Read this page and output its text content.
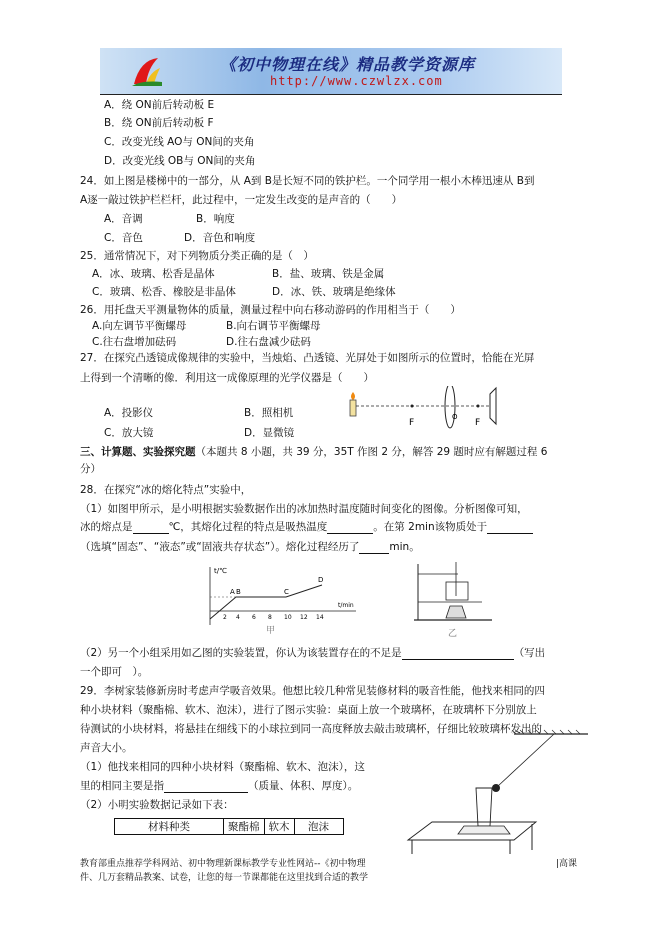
《初中物理在线》精品教学资源库
http://www.czwlzx.com
A．绕 ON前后转动板 E
B．绕 ON前后转动板 F
C．改变光线 AO与 ON间的夹角
D．改变光线 OB与 ON间的夹角
24．如上图是楼梯中的一部分，从 A到 B是长短不同的铁护栏。一个同学用一根小木棒迅速从 B到
A逐一敲过铁护栏栏杆，此过程中，一定发生改变的是声音的（　　）
A．音调	B．响度
C．音色	D．音色和响度
25．通常情况下，对下列物质分类正确的是（　）
A．冰、玻璃、松香是晶体	B．盐、玻璃、铁是金属
C．玻璃、松香、橡胶是非晶体	D．冰、铁、玻璃是绝缘体
26．用托盘天平测量物体的质量，测量过程中向右移动游码的作用相当于（　　）
A.向左调节平衡螺母	B.向右调节平衡螺母
C.往右盘增加砝码	D.往右盘减少砝码
27．在探究凸透镜成像规律的实验中，当烛焰、凸透镜、光屏处于如图所示的位置时，恰能在光屏
上得到一个清晰的像．利用这一成像原理的光学仪器是（　　）
A．投影仪	B．照相机
C．放大镜	D．显微镜
F
O
F
三、计算题、实验探究题（本题共 8 小题，共 39 分，35T 作图 2 分，解答 29 题时应有解题过程 6
分）
28．在探究“冰的熔化特点”实验中，
（1）如图甲所示，是小明根据实验数据作出的冰加热时温度随时间变化的图像。分析图像可知，
冰的熔点是	℃，其熔化过程的特点是吸热温度	。在第 2min该物质处于
（选填“固态”、“液态”或“固液共存状态”）。熔化过程经历了	min。
t/℃
t/min
2 4 6 8 10 12 14
A B	C
D
甲	乙
（2）另一个小组采用如乙图的实验装置，你认为该装置存在的不足是	（写出
一个即可　）。
29．李树家装修新房时考虑声学吸音效果。他想比较几种常见装修材料的吸音性能，他找来相同的四
种小块材料（聚酯棉、软木、泡沫），进行了图示实验：桌面上放一个玻璃杯，在玻璃杯下分别放上
待测试的小块材料，将悬挂在细线下的小球拉到同一高度释放去敲击玻璃杯，仔细比较玻璃杯发出的
声音大小。
（1）他找来相同的四种小块材料（聚酯棉、软木、泡沫），这
里的相同主要是指	（质量、体积、厚度）。
（2）小明实验数据记录如下表：
材料种类	聚酯棉	软木	泡沫
教育部重点推荐学科网站、初中物理新课标教学专业性网站--《初中物理	|高课
件、几万套精品教案、试卷，让您的每一节课都能在这里找到合适的教学
